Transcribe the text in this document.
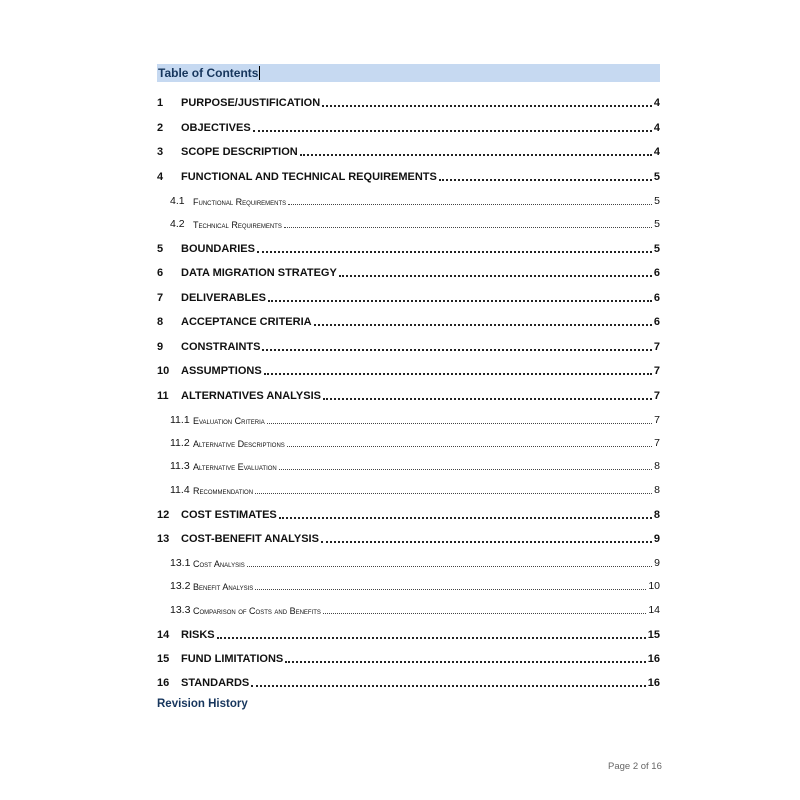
Table of Contents
1	PURPOSE/JUSTIFICATION	4
2	OBJECTIVES	4
3	SCOPE DESCRIPTION	4
4	FUNCTIONAL AND TECHNICAL REQUIREMENTS	5
4.1 Functional Requirements	5
4.2 Technical Requirements	5
5	BOUNDARIES	5
6	DATA MIGRATION STRATEGY	6
7	DELIVERABLES	6
8	ACCEPTANCE CRITERIA	6
9	CONSTRAINTS	7
10	ASSUMPTIONS	7
11	ALTERNATIVES ANALYSIS	7
11.1 Evaluation Criteria	7
11.2 Alternative Descriptions	7
11.3 Alternative Evaluation	8
11.4 Recommendation	8
12	COST ESTIMATES	8
13	COST-BENEFIT ANALYSIS	9
13.1 Cost Analysis	9
13.2 Benefit Analysis	10
13.3 Comparison of Costs and Benefits	14
14	RISKS	15
15	FUND LIMITATIONS	16
16	STANDARDS	16
Revision History
Page 2 of 16
